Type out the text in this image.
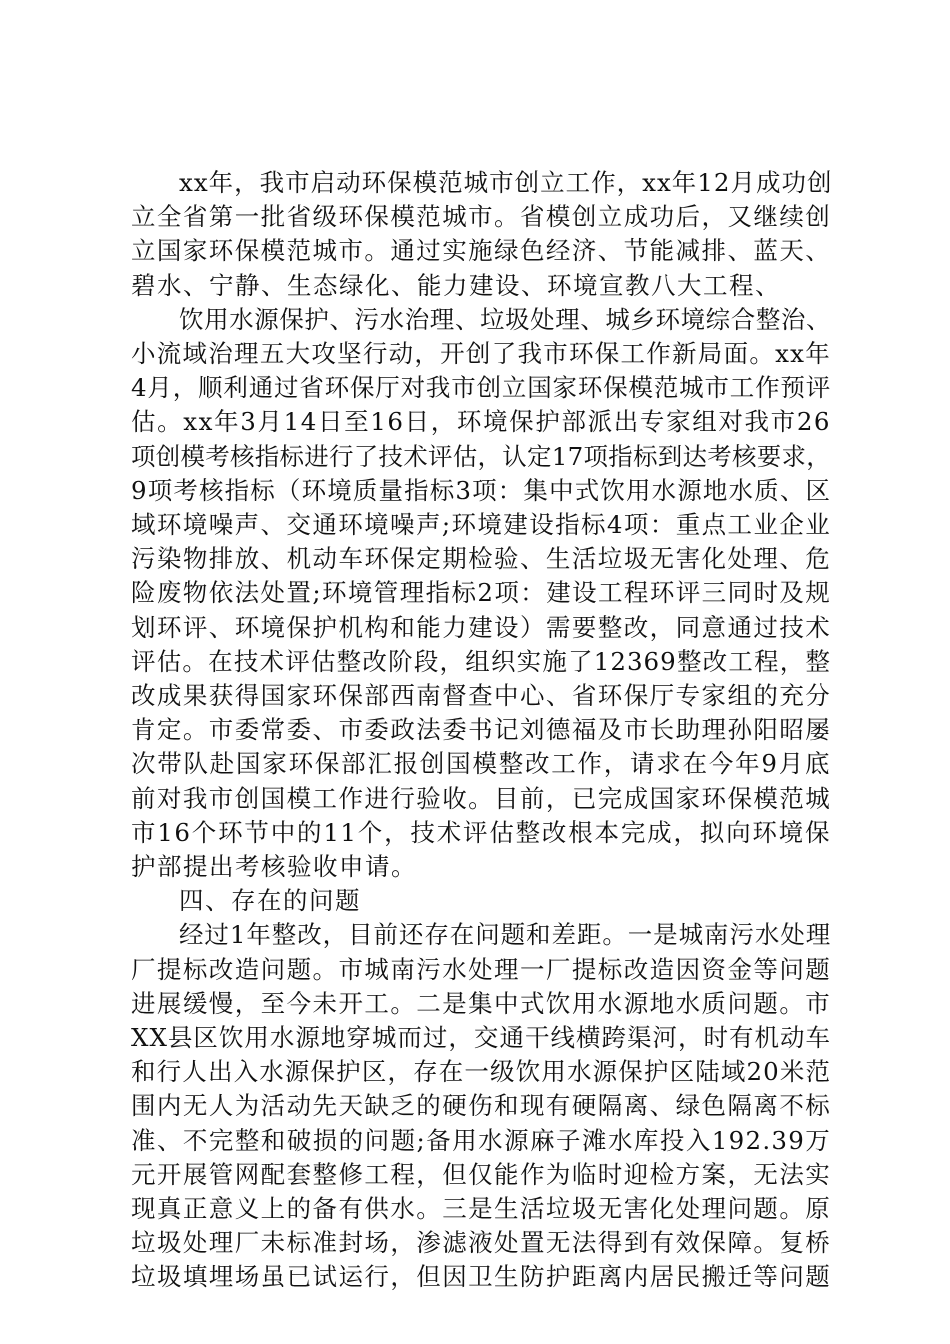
xx年，我市启动环保模范城市创立工作，xx年12月成功创
立全省第一批省级环保模范城市。省模创立成功后，又继续创
立国家环保模范城市。通过实施绿色经济、节能减排、蓝天、
碧水、宁静、生态绿化、能力建设、环境宣教八大工程、
饮用水源保护、污水治理、垃圾处理、城乡环境综合整治、
小流域治理五大攻坚行动，开创了我市环保工作新局面。xx年
4月，顺利通过省环保厅对我市创立国家环保模范城市工作预评
估。xx年3月14日至16日，环境保护部派出专家组对我市26
项创模考核指标进行了技术评估，认定17项指标到达考核要求，
9项考核指标（环境质量指标3项：集中式饮用水源地水质、区
域环境噪声、交通环境噪声;环境建设指标4项：重点工业企业
污染物排放、机动车环保定期检验、生活垃圾无害化处理、危
险废物依法处置;环境管理指标2项：建设工程环评三同时及规
划环评、环境保护机构和能力建设）需要整改，同意通过技术
评估。在技术评估整改阶段，组织实施了12369整改工程，整
改成果获得国家环保部西南督查中心、省环保厅专家组的充分
肯定。市委常委、市委政法委书记刘德福及市长助理孙阳昭屡
次带队赴国家环保部汇报创国模整改工作，请求在今年9月底
前对我市创国模工作进行验收。目前，已完成国家环保模范城
市16个环节中的11个，技术评估整改根本完成，拟向环境保
护部提出考核验收申请。
四、存在的问题
经过1年整改，目前还存在问题和差距。一是城南污水处理
厂提标改造问题。市城南污水处理一厂提标改造因资金等问题
进展缓慢，至今未开工。二是集中式饮用水源地水质问题。市
XX县区饮用水源地穿城而过，交通干线横跨渠河，时有机动车
和行人出入水源保护区，存在一级饮用水源保护区陆域20米范
围内无人为活动先天缺乏的硬伤和现有硬隔离、绿色隔离不标
准、不完整和破损的问题;备用水源麻子滩水库投入192.39万
元开展管网配套整修工程，但仅能作为临时迎检方案，无法实
现真正意义上的备有供水。三是生活垃圾无害化处理问题。原
垃圾处理厂未标准封场，渗滤液处置无法得到有效保障。复桥
垃圾填埋场虽已试运行，但因卫生防护距离内居民搬迁等问题
